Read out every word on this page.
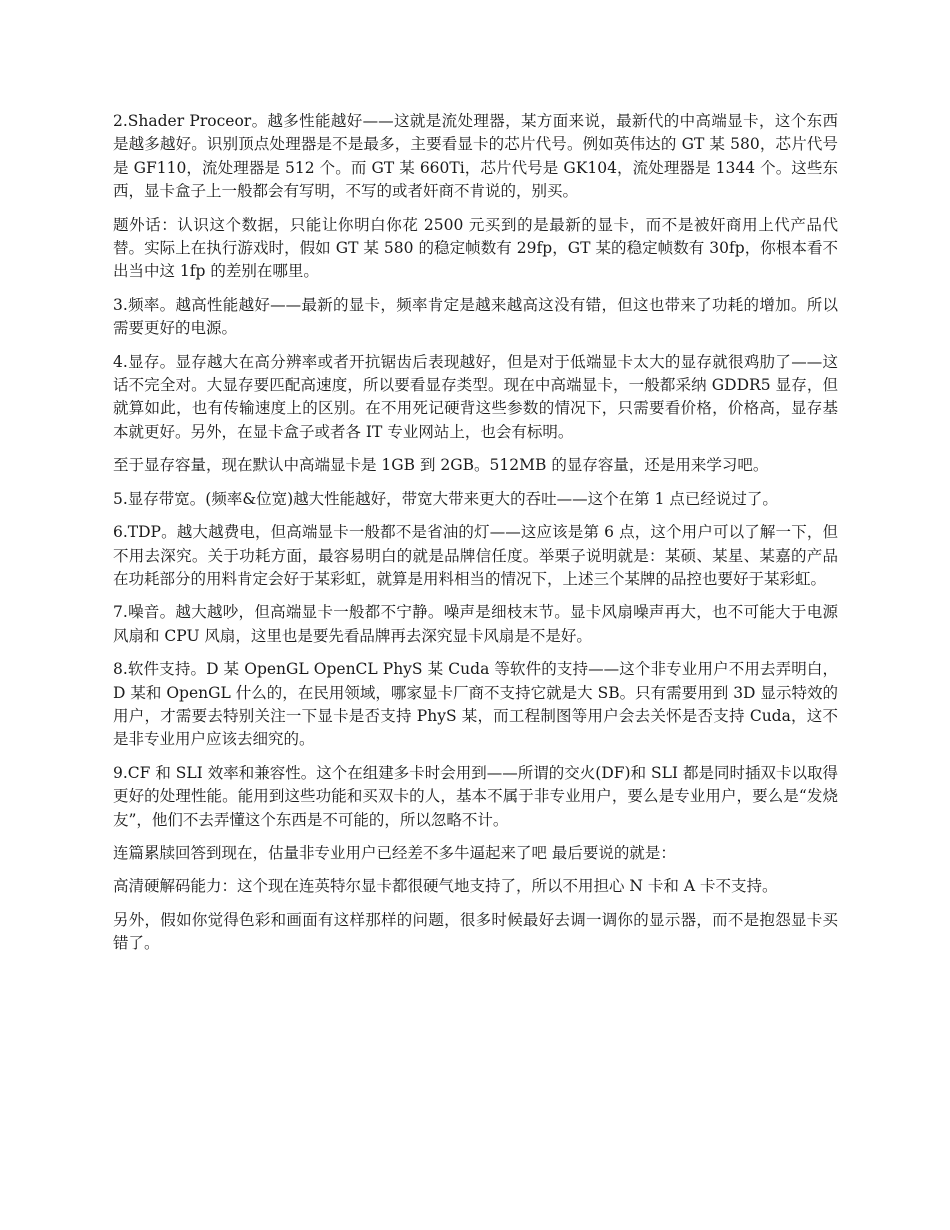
2.Shader Proceor。越多性能越好——这就是流处理器，某方面来说，最新代的中高端显卡，这个东西是越多越好。识别顶点处理器是不是最多，主要看显卡的芯片代号。例如英伟达的 GT 某 580，芯片代号是 GF110，流处理器是 512 个。而 GT 某 660Ti，芯片代号是 GK104，流处理器是 1344 个。这些东西，显卡盒子上一般都会有写明，不写的或者奸商不肯说的，别买。

题外话：认识这个数据，只能让你明白你花 2500 元买到的是最新的显卡，而不是被奸商用上代产品代替。实际上在执行游戏时，假如 GT 某 580 的稳定帧数有 29fp，GT 某的稳定帧数有 30fp，你根本看不出当中这 1fp 的差别在哪里。

3.频率。越高性能越好——最新的显卡，频率肯定是越来越高这没有错，但这也带来了功耗的增加。所以需要更好的电源。

4.显存。显存越大在高分辨率或者开抗锯齿后表现越好，但是对于低端显卡太大的显存就很鸡肋了——这话不完全对。大显存要匹配高速度，所以要看显存类型。现在中高端显卡，一般都采纳 GDDR5 显存，但就算如此，也有传输速度上的区别。在不用死记硬背这些参数的情况下，只需要看价格，价格高，显存基本就更好。另外，在显卡盒子或者各 IT 专业网站上，也会有标明。

至于显存容量，现在默认中高端显卡是 1GB 到 2GB。512MB 的显存容量，还是用来学习吧。

5.显存带宽。(频率&位宽)越大性能越好，带宽大带来更大的吞吐——这个在第 1 点已经说过了。

6.TDP。越大越费电，但高端显卡一般都不是省油的灯——这应该是第 6 点，这个用户可以了解一下，但不用去深究。关于功耗方面，最容易明白的就是品牌信任度。举栗子说明就是：某硕、某星、某嘉的产品在功耗部分的用料肯定会好于某彩虹，就算是用料相当的情况下，上述三个某牌的品控也要好于某彩虹。

7.噪音。越大越吵，但高端显卡一般都不宁静。噪声是细枝末节。显卡风扇噪声再大，也不可能大于电源风扇和 CPU 风扇，这里也是要先看品牌再去深究显卡风扇是不是好。

8.软件支持。D 某 OpenGL OpenCL PhyS 某 Cuda 等软件的支持——这个非专业用户不用去弄明白，D 某和 OpenGL 什么的，在民用领域，哪家显卡厂商不支持它就是大 SB。只有需要用到 3D 显示特效的用户，才需要去特别关注一下显卡是否支持 PhyS 某，而工程制图等用户会去关怀是否支持 Cuda，这不是非专业用户应该去细究的。

9.CF 和 SLI 效率和兼容性。这个在组建多卡时会用到——所谓的交火(DF)和 SLI 都是同时插双卡以取得更好的处理性能。能用到这些功能和买双卡的人，基本不属于非专业用户，要么是专业用户，要么是“发烧友”，他们不去弄懂这个东西是不可能的，所以忽略不计。

连篇累牍回答到现在，估量非专业用户已经差不多牛逼起来了吧 最后要说的就是：

高清硬解码能力：这个现在连英特尔显卡都很硬气地支持了，所以不用担心 N 卡和 A 卡不支持。

另外，假如你觉得色彩和画面有这样那样的问题，很多时候最好去调一调你的显示器，而不是抱怨显卡买错了。
